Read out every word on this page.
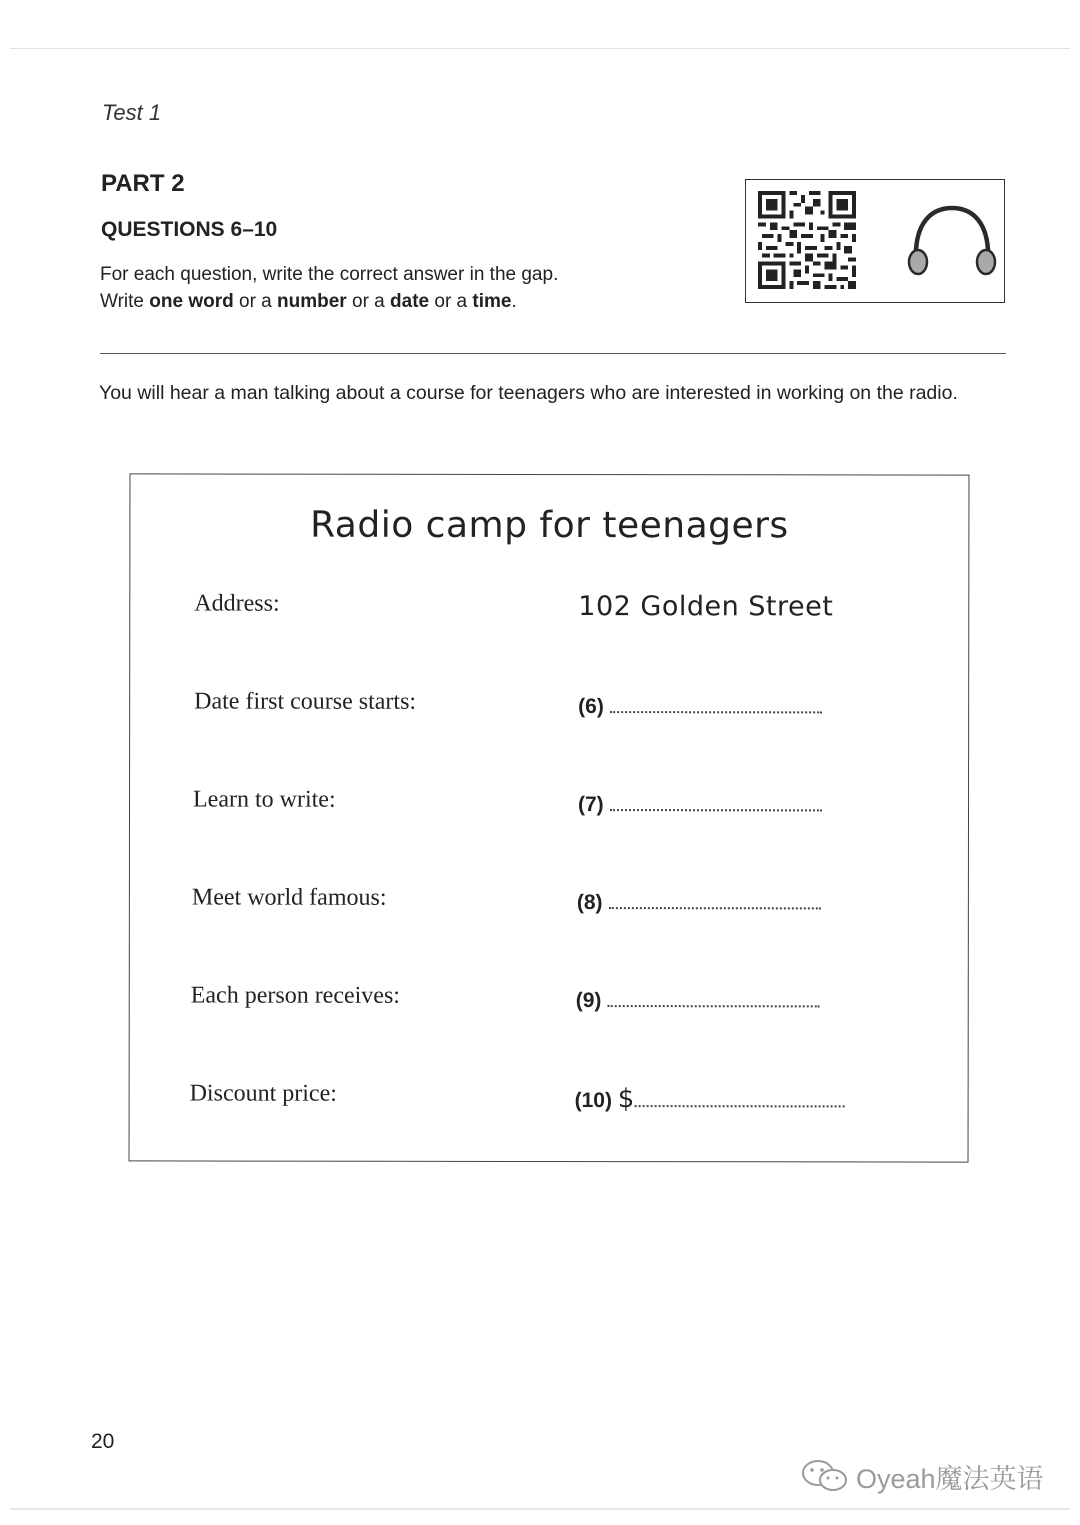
Test 1
PART 2
QUESTIONS 6–10
For each question, write the correct answer in the gap.
Write one word or a number or a date or a time.
You will hear a man talking about a course for teenagers who are interested in working on the radio.
Radio camp for teenagers
Address:	102 Golden Street
Date first course starts:	(6)
Learn to write:	(7)
Meet world famous:	(8)
Each person receives:	(9)
Discount price:	(10) $
20
Oyeah魔法英语
